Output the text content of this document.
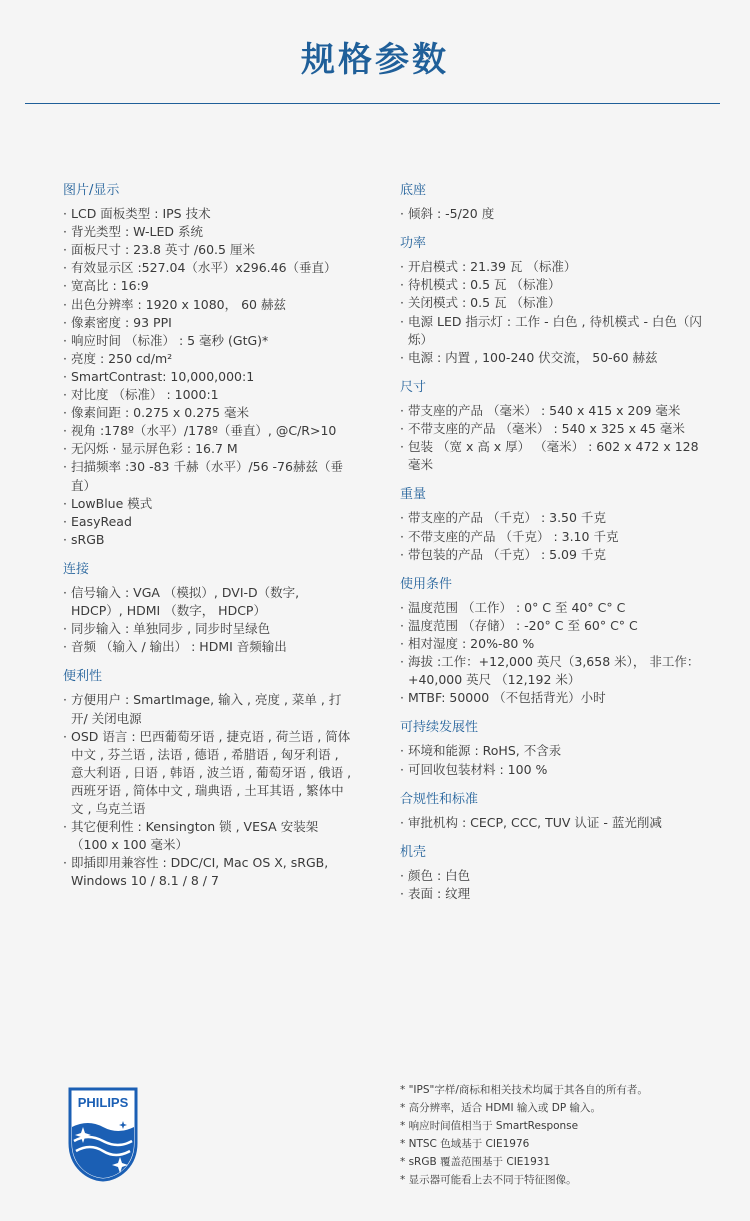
规格参数
图片/显示
· LCD 面板类型 : IPS 技术
· 背光类型 : W-LED 系统
· 面板尺寸 : 23.8 英寸 /60.5 厘米
· 有效显示区 :527.04（水平）x296.46（垂直）
· 宽高比 : 16:9
· 出色分辨率 : 1920 x 1080， 60 赫兹
· 像素密度 : 93 PPI
· 响应时间 （标准） : 5 毫秒 (GtG)*
· 亮度 : 250 cd/m²
· SmartContrast: 10,000,000:1
· 对比度 （标准） : 1000:1
· 像素间距 : 0.275 x 0.275 毫米
· 视角 :178º（水平）/178º（垂直）, @C/R>10
· 无闪烁 · 显示屏色彩 : 16.7 M
· 扫描频率 :30 -83 千赫（水平）/56 -76赫兹（垂直）
· LowBlue 模式
· EasyRead
· sRGB
连接
· 信号输入 : VGA （模拟）, DVI-D（数字, HDCP）, HDMI （数字， HDCP）
· 同步输入 : 单独同步 , 同步时呈绿色
· 音频 （输入 / 输出） : HDMI 音频输出
便利性
· 方便用户 : SmartImage, 输入 , 亮度 , 菜单 , 打开/ 关闭电源
· OSD 语言 : 巴西葡萄牙语 , 捷克语 , 荷兰语 , 简体中文 , 芬兰语 , 法语 , 德语 , 希腊语 , 匈牙利语 , 意大利语 , 日语 , 韩语 , 波兰语 , 葡萄牙语 , 俄语 , 西班牙语 , 简体中文 , 瑞典语 , 土耳其语 , 繁体中文 , 乌克兰语
· 其它便利性 : Kensington 锁 , VESA 安装架（100 x 100 毫米）
· 即插即用兼容性 : DDC/CI, Mac OS X, sRGB, Windows 10 / 8.1 / 8 / 7
底座
· 倾斜 : -5/20 度
功率
· 开启模式 : 21.39 瓦 （标准）
· 待机模式 : 0.5 瓦 （标准）
· 关闭模式 : 0.5 瓦 （标准）
· 电源 LED 指示灯 : 工作 - 白色 , 待机模式 - 白色（闪烁）
· 电源 : 内置 , 100-240 伏交流， 50-60 赫兹
尺寸
· 带支座的产品 （毫米） : 540 x 415 x 209 毫米
· 不带支座的产品 （毫米） : 540 x 325 x 45 毫米
· 包装 （宽 x 高 x 厚） （毫米） : 602 x 472 x 128 毫米
重量
· 带支座的产品 （千克） : 3.50 千克
· 不带支座的产品 （千克） : 3.10 千克
· 带包装的产品 （千克） : 5.09 千克
使用条件
· 温度范围 （工作） : 0° C 至 40° C° C
· 温度范围 （存储） : -20° C 至 60° C° C
· 相对湿度 : 20%-80 %
· 海拔 :工作：+12,000 英尺（3,658 米）， 非工作：+40,000 英尺 （12,192 米）
· MTBF: 50000 （不包括背光）小时
可持续发展性
· 环境和能源 : RoHS, 不含汞
· 可回收包装材料 : 100 %
合规性和标准
· 审批机构 : CECP, CCC, TUV 认证 - 蓝光削减
机壳
· 颜色 : 白色
· 表面 : 纹理
PHILIPS
* "IPS"字样/商标和相关技术均属于其各自的所有者。
* 高分辨率，适合 HDMI 输入或 DP 输入。
* 响应时间值相当于 SmartResponse
* NTSC 色域基于 CIE1976
* sRGB 覆盖范围基于 CIE1931
* 显示器可能看上去不同于特征图像。
